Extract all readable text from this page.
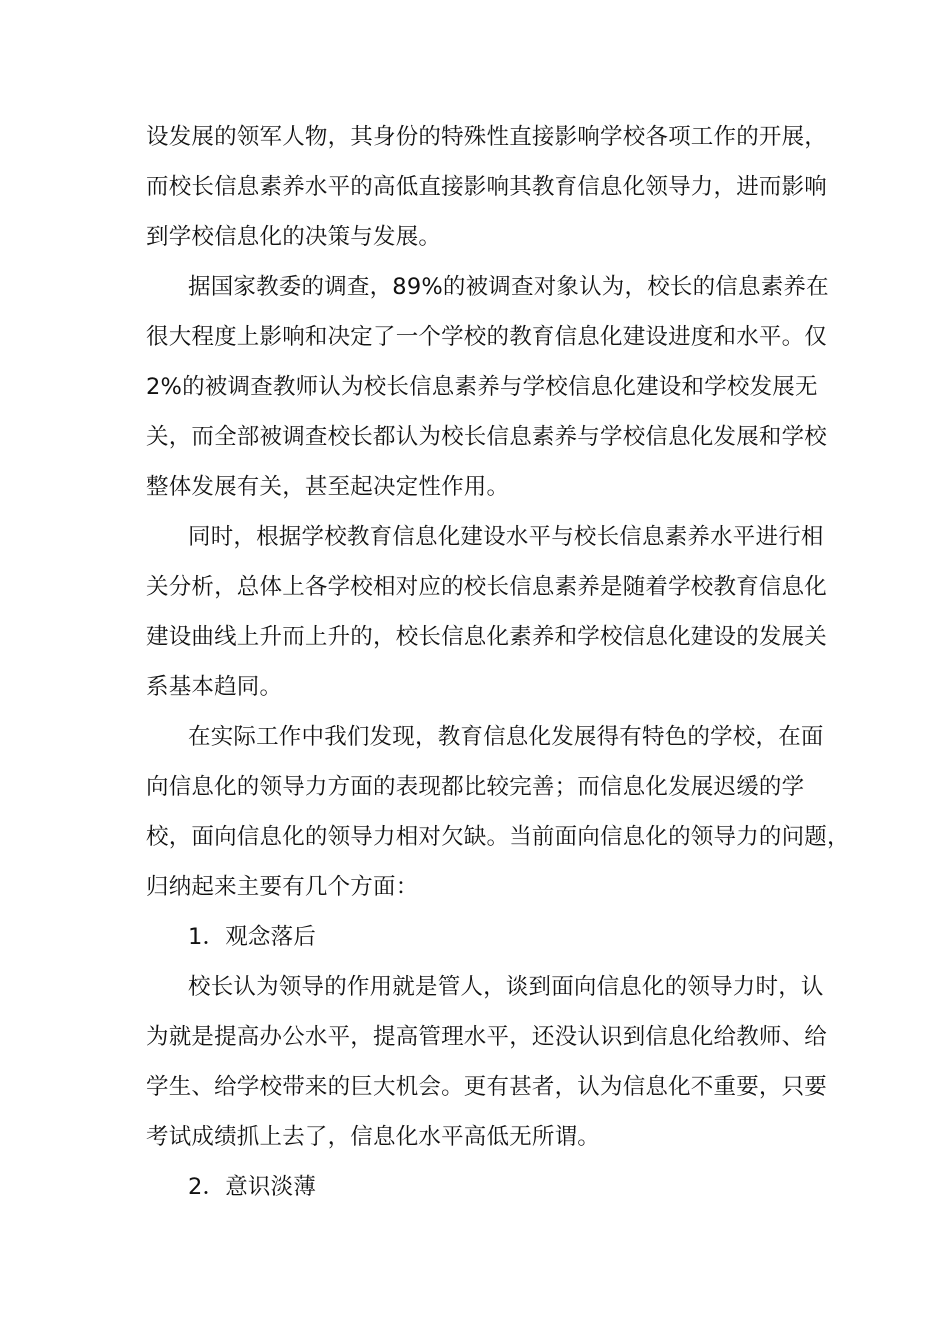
设发展的领军人物，其身份的特殊性直接影响学校各项工作的开展，
而校长信息素养水平的高低直接影响其教育信息化领导力，进而影响
到学校信息化的决策与发展。
据国家教委的调查，89%的被调查对象认为，校长的信息素养在
很大程度上影响和决定了一个学校的教育信息化建设进度和水平。仅
2%的被调查教师认为校长信息素养与学校信息化建设和学校发展无
关，而全部被调查校长都认为校长信息素养与学校信息化发展和学校
整体发展有关，甚至起决定性作用。
同时，根据学校教育信息化建设水平与校长信息素养水平进行相
关分析，总体上各学校相对应的校长信息素养是随着学校教育信息化
建设曲线上升而上升的，校长信息化素养和学校信息化建设的发展关
系基本趋同。
在实际工作中我们发现，教育信息化发展得有特色的学校，在面
向信息化的领导力方面的表现都比较完善；而信息化发展迟缓的学
校，面向信息化的领导力相对欠缺。当前面向信息化的领导力的问题，
归纳起来主要有几个方面：
1．观念落后
校长认为领导的作用就是管人，谈到面向信息化的领导力时，认
为就是提高办公水平，提高管理水平，还没认识到信息化给教师、给
学生、给学校带来的巨大机会。更有甚者，认为信息化不重要，只要
考试成绩抓上去了，信息化水平高低无所谓。
2．意识淡薄
